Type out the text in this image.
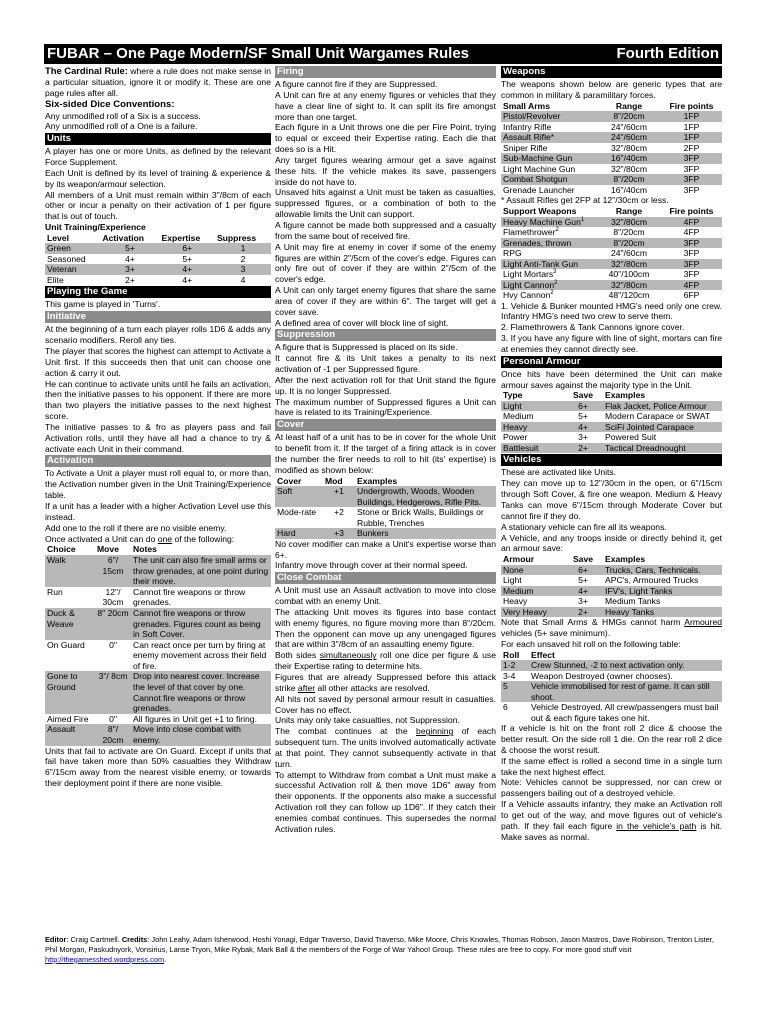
FUBAR – One Page Modern/SF Small Unit Wargames Rules	Fourth Edition

The Cardinal Rule: where a rule does not make sense in a particular situation, ignore it or modify it. These are one page rules after all.

Six-sided Dice Conventions:

Any unmodified roll of a Six is a success.

Any unmodified roll of a One is a failure.

Units

A player has one or more Units, as defined by the relevant Force Supplement.

Each Unit is defined by its level of training & experience & by its weapon/armour selection.

All members of a Unit must remain within 3"/8cm of each other or incur a penalty on their activation of 1 per figure that is out of touch.

Unit Training/Experience

Level	Activation	Expertise	Suppress
Green	5+	6+	1
Seasoned	4+	5+	2
Veteran	3+	4+	3
Elite	2+	4+	4
Playing the Game

This game is played in 'Turns'.

Initiative

At the beginning of a turn each player rolls 1D6 & adds any scenario modifiers. Reroll any ties.

The player that scores the highest can attempt to Activate a Unit first. If this succeeds then that unit can choose one action & carry it out.

He can continue to activate units until he fails an activation, then the initiative passes to his opponent. If there are more than two players the initiative passes to the next highest score.

The initiative passes to & fro as players pass and fail Activation rolls, until they have all had a chance to try & activate each Unit in their command.

Activation

To Activate a Unit a player must roll equal to, or more than, the Activation number given in the Unit Training/Experience table.

If a unit has a leader with a higher Activation Level use this instead.

Add one to the roll if there are no visible enemy.

Once activated a Unit can do one of the following:

Choice	Move	Notes
Walk	6"/ 15cm	The unit can also fire small arms or throw grenades, at one point during their move.
Run	12"/ 30cm	Cannot fire weapons or throw grenades.
Duck & Weave	8" 20cm	Cannot fire weapons or throw grenades. Figures count as being in Soft Cover.
On Guard	0"	Can react once per turn by firing at enemy movement across their field of fire.
Gone to Ground	3"/ 8cm	Drop into nearest cover. Increase the level of that cover by one. Cannot fire weapons or throw grenades.
Aimed Fire	0"	All figures in Unit get +1 to firing.
Assault	8"/ 20cm	Move into close combat with enemy.

Units that fail to activate are On Guard. Except if units that fail have taken more than 50% casualties they Withdraw 6"/15cm away from the nearest visible enemy, or towards their deployment point if there are none visible.

Firing

A figure cannot fire if they are Suppressed.

A Unit can fire at any enemy figures or vehicles that they have a clear line of sight to. It can split its fire amongst more than one target.

Each figure in a Unit throws one die per Fire Point, trying to equal or exceed their Expertise rating. Each die that does so is a Hit.

Any target figures wearing armour get a save against these hits. If the vehicle makes its save, passengers inside do not have to.

Unsaved hits against a Unit must be taken as casualties, suppressed figures, or a combination of both to the allowable limits the Unit can support.

A figure cannot be made both suppressed and a casualty from the same bout of received fire.

A Unit may fire at enemy in cover if some of the enemy figures are within 2"/5cm of the cover's edge. Figures can only fire out of cover if they are within 2"/5cm of the cover's edge.

A Unit can only target enemy figures that share the same area of cover if they are within 6". The target will get a cover save.

A defined area of cover will block line of sight.

Suppression

A figure that is Suppressed is placed on its side.

It cannot fire & its Unit takes a penalty to its next activation of -1 per Suppressed figure.

After the next activation roll for that Unit stand the figure up. It is no longer Suppressed.

The maximum number of Suppressed figures a Unit can have is related to its Training/Experience.

Cover

At least half of a unit has to be in cover for the whole Unit to benefit from it. If the target of a firing attack is in cover the number the firer needs to roll to hit (its' expertise) is modified as shown below:

Cover	Mod	Examples
Soft	+1	Undergrowth, Woods, Wooden Buildings, Hedgerows, Rifle Pits.
Mode-rate	+2	Stone or Brick Walls, Buildings or Rubble, Trenches
Hard	+3	Bunkers

No cover modifier can make a Unit's expertise worse than 6+.

Infantry move through cover at their normal speed.

Close Combat

A Unit must use an Assault activation to move into close combat with an enemy Unit.

The attacking Unit moves its figures into base contact with enemy figures, no figure moving more than 8"/20cm. Then the opponent can move up any unengaged figures that are within 3"/8cm of an assaulting enemy figure.

Both sides simultaneously roll one dice per figure & use their Expertise rating to determine hits.

Figures that are already Suppressed before this attack strike after all other attacks are resolved.

All hits not saved by personal armour result in casualties. Cover has no effect.

Units may only take casualties, not Suppression.

The combat continues at the beginning of each subsequent turn. The units involved automatically activate at that point. They cannot subsequently activate in that turn.

To attempt to Withdraw from combat a Unit must make a successful Activation roll & then move 1D6" away from their opponents. If the opponents also make a successful Activation roll they can follow up 1D6". If they catch their enemies combat continues. This supersedes the normal Activation rules.

Weapons

The weapons shown below are generic types that are common in military & paramilitary forces.

Small Arms	Range	Fire points
Pistol/Revolver	8"/20cm	1FP
Infantry Rifle	24"/60cm	1FP
Assault Rifle*	24"/60cm	1FP
Sniper Rifle	32"/80cm	2FP
Sub-Machine Gun	16"/40cm	3FP
Light Machine Gun	32"/80cm	3FP
Combat Shotgun	8"/20cm	3FP
Grenade Launcher	16"/40cm	3FP

* Assault Rifles get 2FP at 12"/30cm or less.

Support Weapons	Range	Fire points
Heavy Machine Gun$^1$	32"/80cm	4FP
Flamethrower$^2$	8"/20cm	4FP
Grenades, thrown	8"/20cm	3FP
RPG	24"/60cm	3FP
Light Anti-Tank Gun	32"/80cm	3FP
Light Mortars$^3$	40"/100cm	3FP
Light Cannon$^2$	32"/80cm	4FP
Hvy Cannon$^2$	48"/120cm	6FP

1. Vehicle & Bunker mounted HMG's need only one crew. Infantry HMG's need two crew to serve them.

2. Flamethrowers & Tank Cannons ignore cover.

3. If you have any figure with line of sight, mortars can fire at enemies they cannot directly see.

Personal Armour

Once hits have been determined the Unit can make armour saves against the majority type in the Unit.

Type	Save	Examples
Light	6+	Flak Jacket, Police Armour
Medium	5+	Modern Carapace or SWAT
Heavy	4+	SciFi Jointed Carapace
Power	3+	Powered Suit
Battlesuit	2+	Tactical Dreadnought
Vehicles

These are activated like Units.

They can move up to 12"/30cm in the open, or 6"/15cm through Soft Cover, & fire one weapon. Medium & Heavy Tanks can move 6"/15cm through Moderate Cover but cannot fire if they do.

A stationary vehicle can fire all its weapons.

A Vehicle, and any troops inside or directly behind it, get an armour save:

Armour	Save	Examples
None	6+	Trucks, Cars, Technicals.
Light	5+	APC's, Armoured Trucks
Medium	4+	IFV's, Light Tanks
Heavy	3+	Medium Tanks
Very Heavy	2+	Heavy Tanks

Note that Small Arms & HMGs cannot harm Armoured vehicles (5+ save minimum).

For each unsaved hit roll on the following table:

Roll	Effect
1-2	Crew Stunned, -2 to next activation only.
3-4	Weapon Destroyed (owner chooses).
5	Vehicle immobilised for rest of game. It can still shoot.
6	Vehicle Destroyed. All crew/passengers must bail out & each figure takes one hit.

If a vehicle is hit on the front roll 2 dice & choose the better result. On the side roll 1 die. On the rear roll 2 dice & choose the worst result.

If the same effect is rolled a second time in a single turn take the next highest effect.

Note: Vehicles cannot be suppressed, nor can crew or passengers bailing out of a destroyed vehicle.

If a Vehicle assaults infantry, they make an Activation roll to get out of the way, and move figures out of vehicle's path. If they fail each figure in the vehicle's path is hit. Make saves as normal.

Editor: Craig Cartmell. Credits: John Leahy, Adam Isherwood, Hoshi Yonagi, Edgar Traverso, David Traverso, Mike Moore, Chris Knowles, Thomas Robson, Jason Mastros, Dave Robinson, Trenton Lister, Phil Morgan, Paskudnyork, Vonsirius, Lanse Tryon, Mike Rybak, Mark Ball & the members of the Forge of War Yahoo! Group. These rules are free to copy. For more good stuff visit http://thegamesshed.wordpress.com.
